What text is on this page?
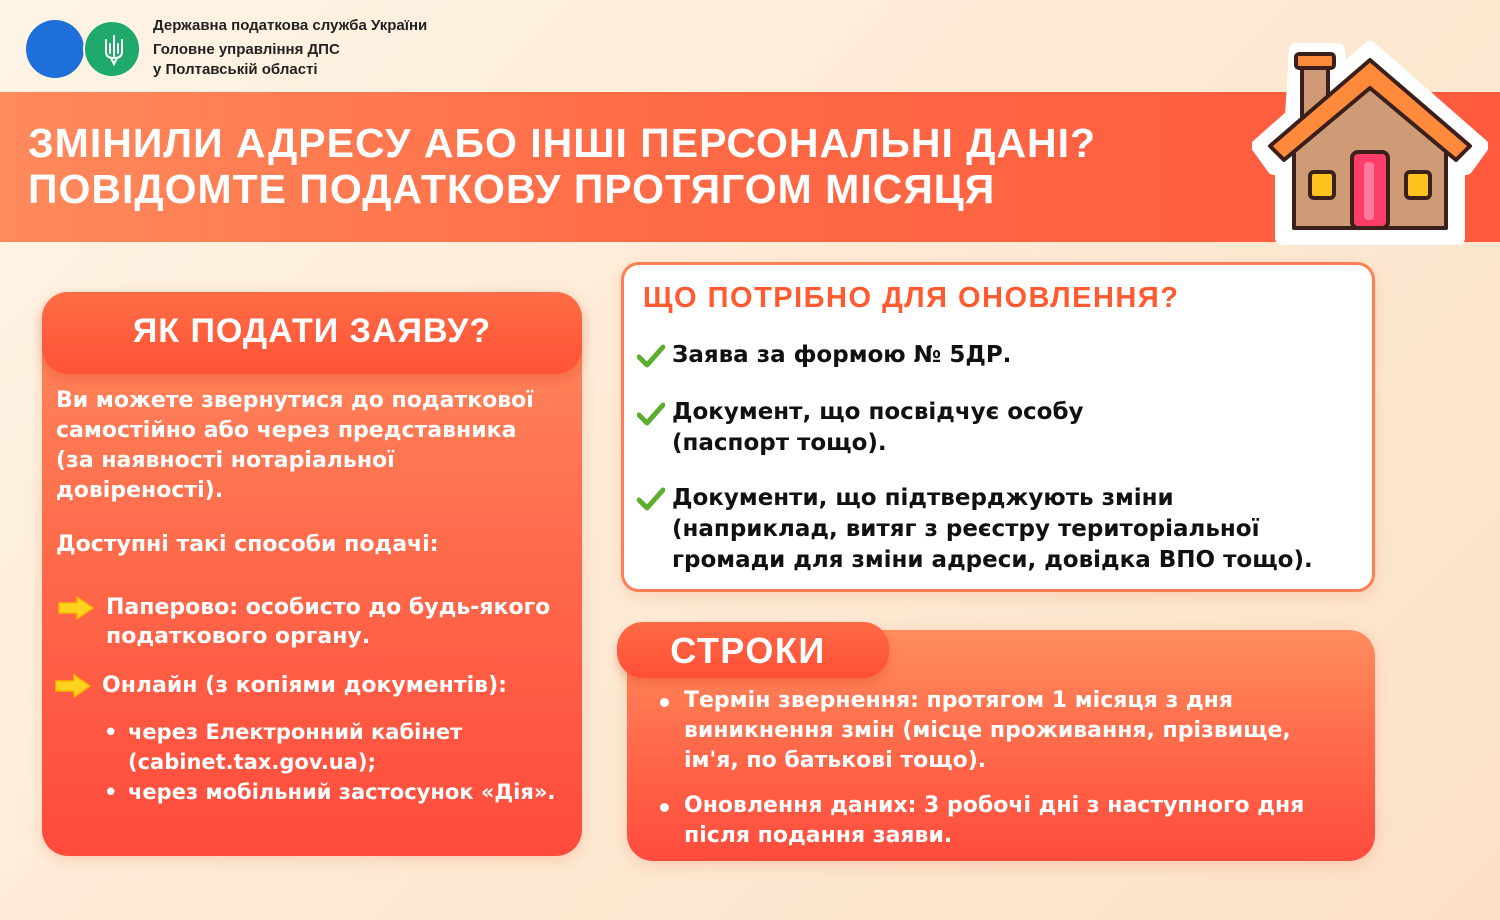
Державна податкова служба України
Головне управління ДПС
у Полтавській області
ЗМІНИЛИ АДРЕСУ АБО ІНШІ ПЕРСОНАЛЬНІ ДАНІ?
ПОВІДОМТЕ ПОДАТКОВУ ПРОТЯГОМ МІСЯЦЯ
ЯК ПОДАТИ ЗАЯВУ?
Ви можете звернутися до податкової
самостійно або через представника
(за наявності нотаріальної
довіреності).
Доступні такі способи подачі:
Паперово: особисто до будь-якого
податкового органу.
Онлайн (з копіями документів):
• через Електронний кабінет
(cabinet.tax.gov.ua);
• через мобільний застосунок «Дія».
ЩО ПОТРІБНО ДЛЯ ОНОВЛЕННЯ?
Заява за формою № 5ДР.
Документ, що посвідчує особу
(паспорт тощо).
Документи, що підтверджують зміни
(наприклад, витяг з реєстру територіальної
громади для зміни адреси, довідка ВПО тощо).
СТРОКИ
Термін звернення: протягом 1 місяця з дня
виникнення змін (місце проживання, прізвище,
ім'я, по батькові тощо).
Оновлення даних: 3 робочі дні з наступного дня
після подання заяви.
